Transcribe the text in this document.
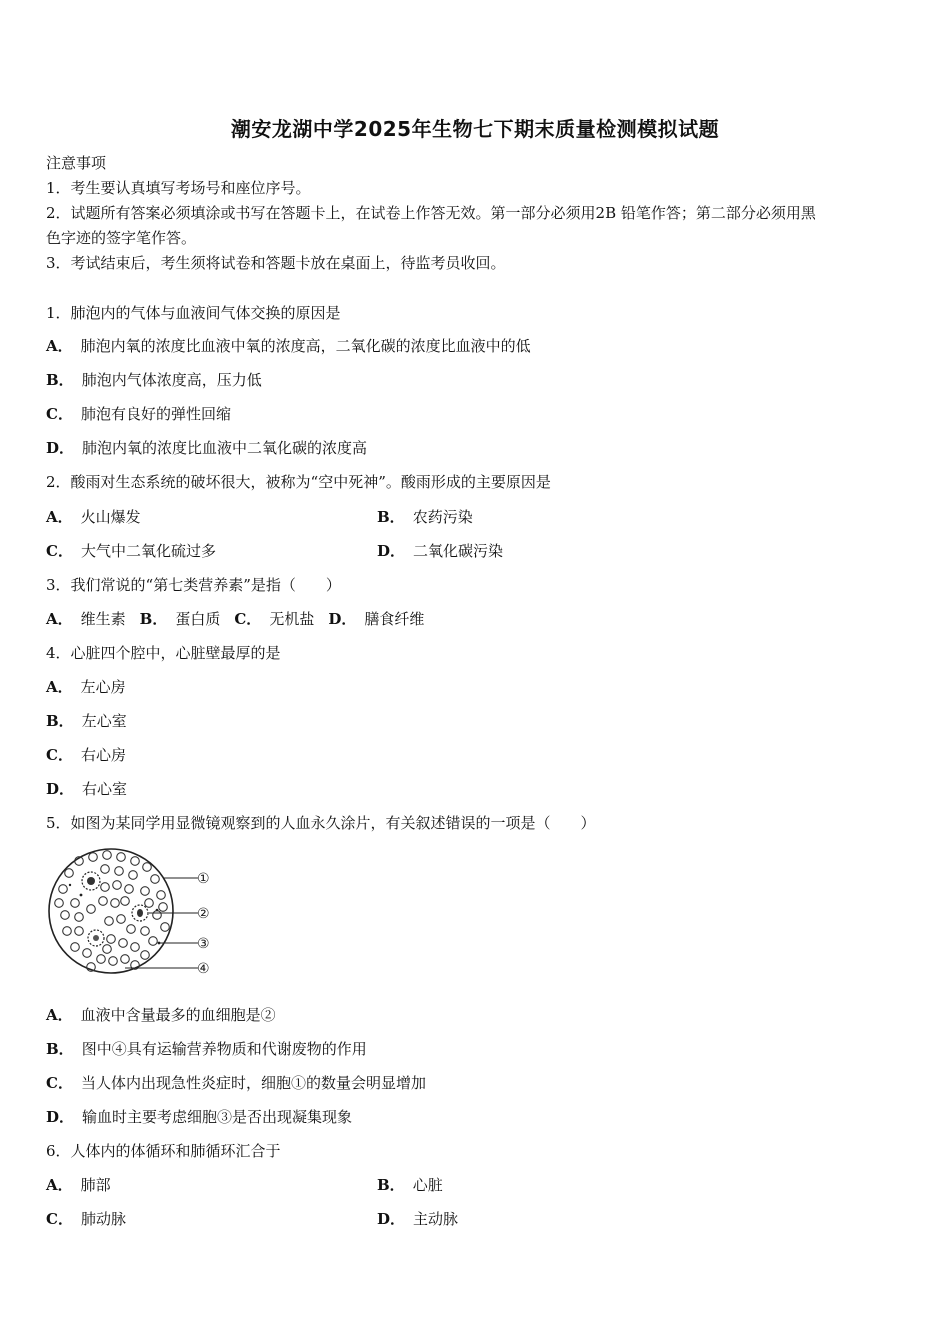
潮安龙湖中学2025年生物七下期末质量检测模拟试题
注意事项
1．考生要认真填写考场号和座位序号。
2．试题所有答案必须填涂或书写在答题卡上，在试卷上作答无效。第一部分必须用2B 铅笔作答；第二部分必须用黑
色字迹的签字笔作答。
3．考试结束后，考生须将试卷和答题卡放在桌面上，待监考员收回。
1．肺泡内的气体与血液间气体交换的原因是
A． 肺泡内氧的浓度比血液中氧的浓度高，二氧化碳的浓度比血液中的低
B． 肺泡内气体浓度高，压力低
C． 肺泡有良好的弹性回缩
D． 肺泡内氧的浓度比血液中二氧化碳的浓度高
2．酸雨对生态系统的破坏很大，被称为“空中死神”。酸雨形成的主要原因是
A． 火山爆发	B． 农药污染
C． 大气中二氧化硫过多	D． 二氧化碳污染
3．我们常说的“第七类营养素”是指（　　）
A． 维生素 B． 蛋白质 C． 无机盐 D． 膳食纤维
4．心脏四个腔中，心脏壁最厚的是
A． 左心房
B． 左心室
C． 右心房
D． 右心室
5．如图为某同学用显微镜观察到的人血永久涂片，有关叙述错误的一项是（　　）
①
②
③
④
A． 血液中含量最多的血细胞是②
B． 图中④具有运输营养物质和代谢废物的作用
C． 当人体内出现急性炎症时，细胞①的数量会明显增加
D． 输血时主要考虑细胞③是否出现凝集现象
6．人体内的体循环和肺循环汇合于
A． 肺部	B． 心脏
C． 肺动脉	D． 主动脉
